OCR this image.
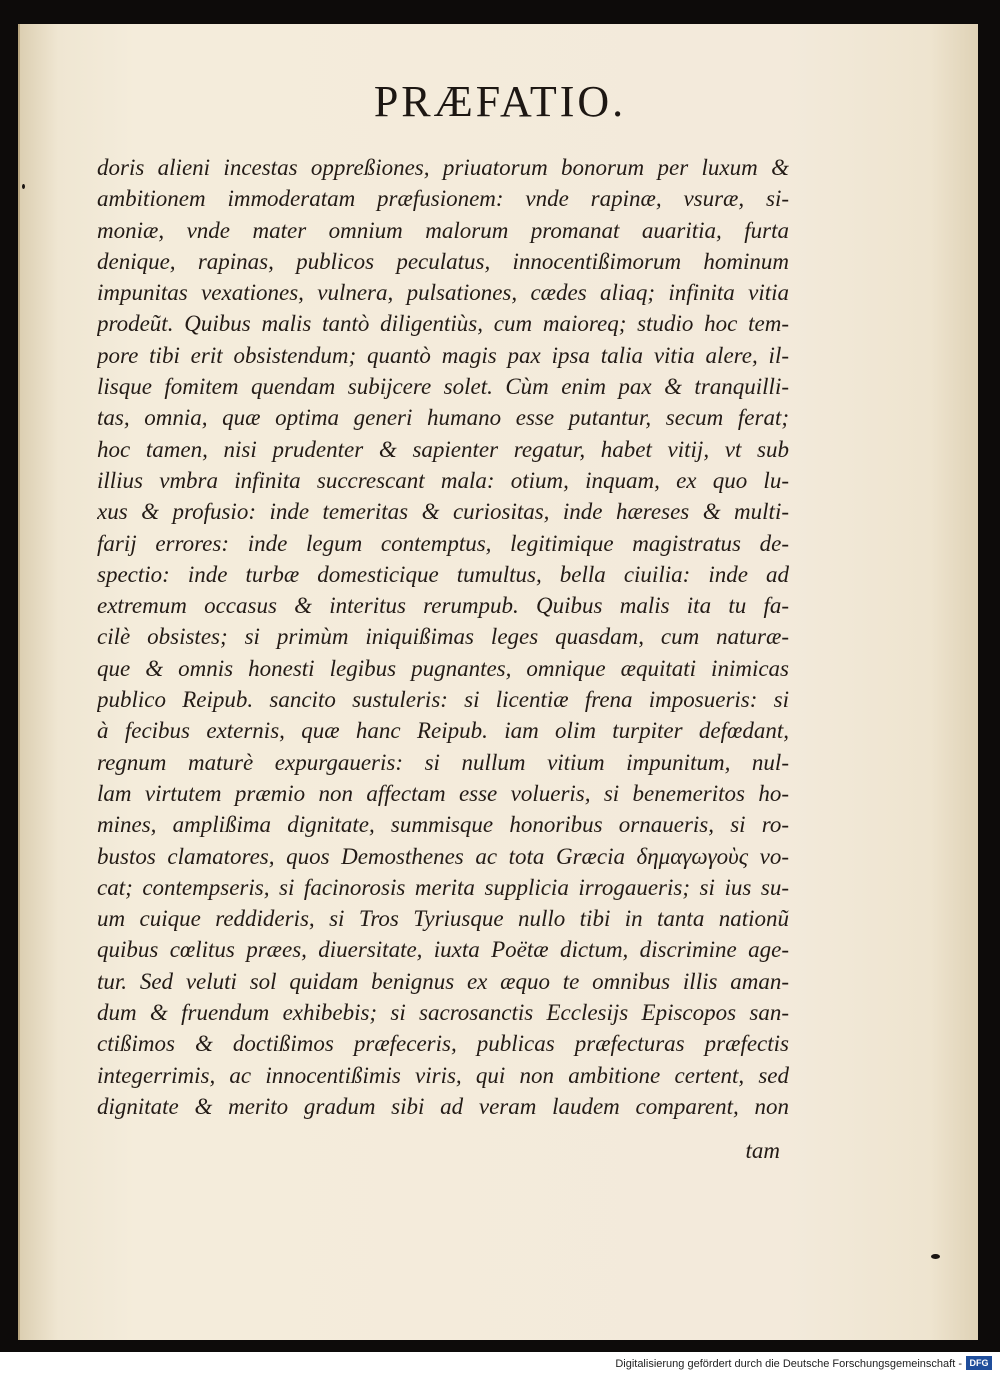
PRÆFATIO.
doris alieni incestas oppreßiones, priuatorum bonorum per luxum &
ambitionem immoderatam præfusionem: vnde rapinæ, vsuræ, si-
moniæ, vnde mater omnium malorum promanat auaritia, furta
denique, rapinas, publicos peculatus, innocentißimorum hominum
impunitas vexationes, vulnera, pulsationes, cædes aliaq; infinita vitia
prodeũt. Quibus malis tantò diligentiùs, cum maioreq; studio hoc tem-
pore tibi erit obsistendum; quantò magis pax ipsa talia vitia alere, il-
lisque fomitem quendam subijcere solet. Cùm enim pax & tranquilli-
tas, omnia, quæ optima generi humano esse putantur, secum ferat;
hoc tamen, nisi prudenter & sapienter regatur, habet vitij, vt sub
illius vmbra infinita succrescant mala: otium, inquam, ex quo lu-
xus & profusio: inde temeritas & curiositas, inde hæreses & multi-
farij errores: inde legum contemptus, legitimique magistratus de-
spectio: inde turbæ domesticique tumultus, bella ciuilia: inde ad
extremum occasus & interitus rerumpub. Quibus malis ita tu fa-
cilè obsistes; si primùm iniquißimas leges quasdam, cum naturæ-
que & omnis honesti legibus pugnantes, omnique æquitati inimicas
publico Reipub. sancito sustuleris: si licentiæ frena imposueris: si
à fecibus externis, quæ hanc Reipub. iam olim turpiter defœdant,
regnum maturè expurgaueris: si nullum vitium impunitum, nul-
lam virtutem præmio non affectam esse volueris, si benemeritos ho-
mines, amplißima dignitate, summisque honoribus ornaueris, si ro-
bustos clamatores, quos Demosthenes ac tota Græcia δημαγωγοὺς vo-
cat; contempseris, si facinorosis merita supplicia irrogaueris; si ius su-
um cuique reddideris, si Tros Tyriusque nullo tibi in tanta nationũ
quibus cœlitus præes, diuersitate, iuxta Poëtæ dictum, discrimine age-
tur. Sed veluti sol quidam benignus ex æquo te omnibus illis aman-
dum & fruendum exhibebis; si sacrosanctis Ecclesijs Episcopos san-
ctißimos & doctißimos præfeceris, publicas præfecturas præfectis
integerrimis, ac innocentißimis viris, qui non ambitione certent, sed
dignitate & merito gradum sibi ad veram laudem comparent, non
tam
Digitalisierung gefördert durch die Deutsche Forschungsgemeinschaft - DFG
